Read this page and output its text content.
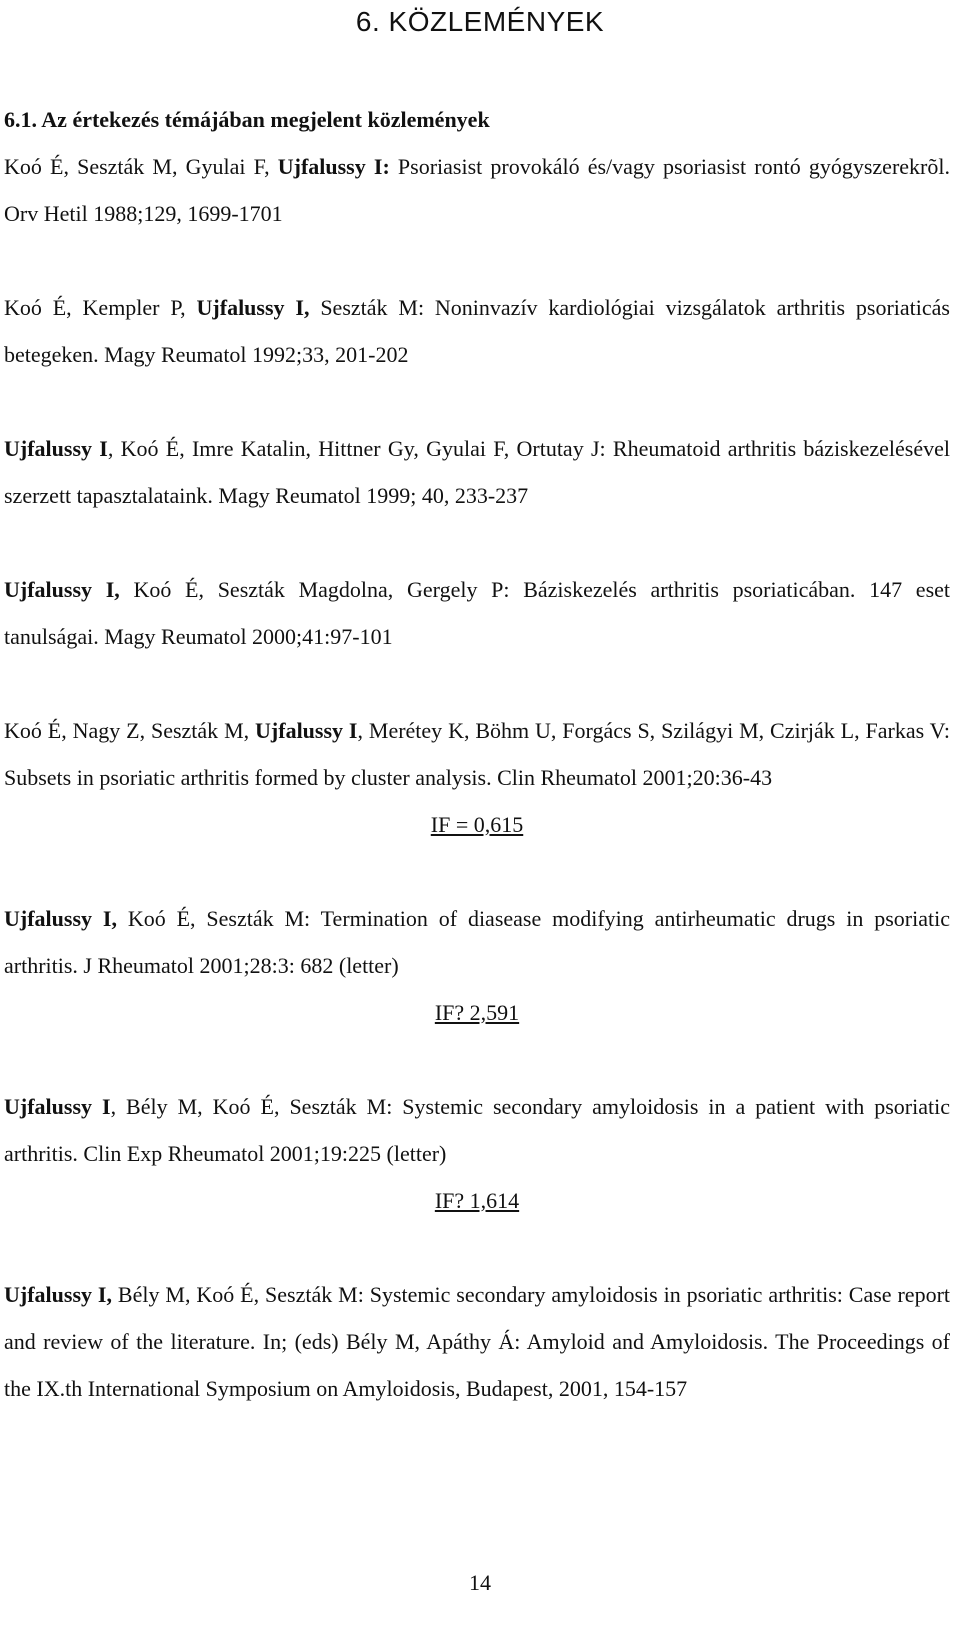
6. KÖZLEMÉNYEK
6.1. Az értekezés témájában megjelent közlemények

Koó É, Seszták M, Gyulai F, Ujfalussy I: Psoriasist provokáló és/vagy psoriasist rontó gyógyszerekrõl. Orv Hetil 1988;129, 1699-1701

Koó É, Kempler P, Ujfalussy I, Seszták M: Noninvazív kardiológiai vizsgálatok arthritis psoriaticás betegeken. Magy Reumatol 1992;33, 201-202

Ujfalussy I, Koó É, Imre Katalin, Hittner Gy, Gyulai F, Ortutay J: Rheumatoid arthritis báziskezelésével szerzett tapasztalataink. Magy Reumatol 1999; 40, 233-237

Ujfalussy I, Koó É, Seszták Magdolna, Gergely P: Báziskezelés arthritis psoriaticában. 147 eset tanulságai. Magy Reumatol 2000;41:97-101

Koó É, Nagy Z, Seszták M, Ujfalussy I, Merétey K, Böhm U, Forgács S, Szilágyi M, Czirják L, Farkas V: Subsets in psoriatic arthritis formed by cluster analysis. Clin Rheumatol 2001;20:36-43

IF = 0,615

Ujfalussy I, Koó É, Seszták M: Termination of diasease modifying antirheumatic drugs in psoriatic arthritis. J Rheumatol 2001;28:3: 682 (letter)

IF? 2,591

Ujfalussy I, Bély M, Koó É, Seszták M: Systemic secondary amyloidosis in a patient with psoriatic arthritis. Clin Exp Rheumatol 2001;19:225 (letter)

IF? 1,614

Ujfalussy I, Bély M, Koó É, Seszták M: Systemic secondary amyloidosis in psoriatic arthritis: Case report and review of the literature. In; (eds) Bély M, Apáthy Á: Amyloid and Amyloidosis. The Proceedings of the IX.th International Symposium on Amyloidosis, Budapest, 2001, 154-157

14
